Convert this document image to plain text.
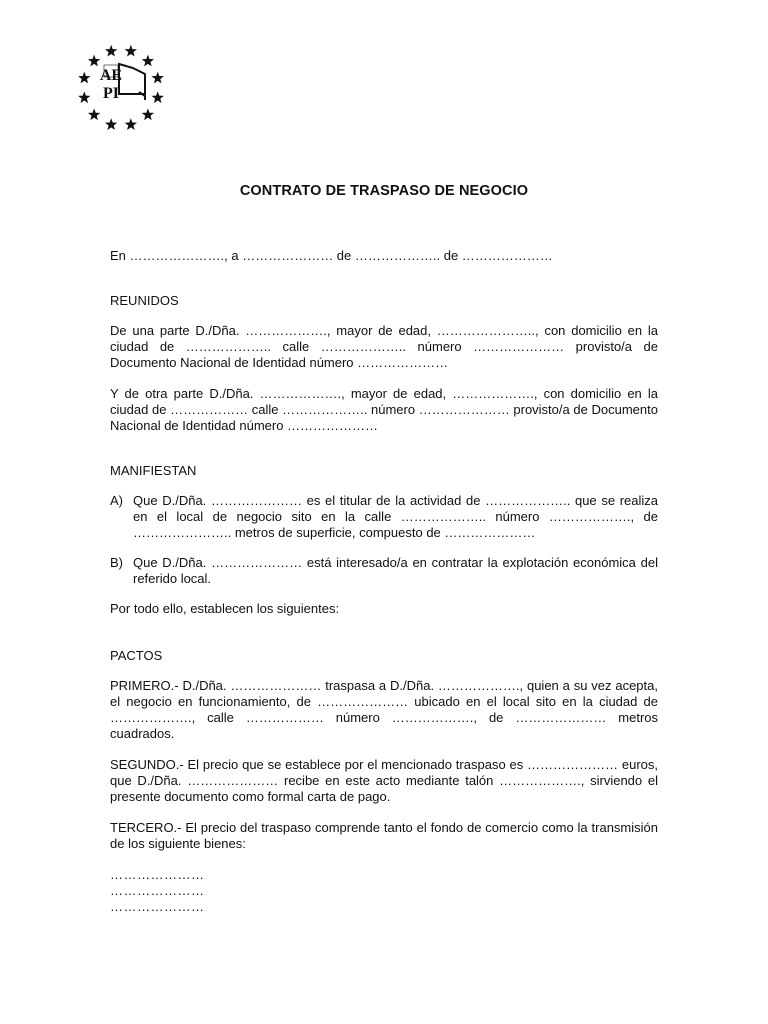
AE
PI
CONTRATO DE TRASPASO DE NEGOCIO

En …………………., a ………………… de ……………….. de …………………

REUNIDOS

De una parte D./Dña. ………………., mayor de edad, ………………….., con domicilio en la ciudad de ……………….. calle ……………….. número ………………… provisto/a de Documento Nacional de Identidad número …………………

Y de otra parte D./Dña. ………………., mayor de edad, ………………., con domicilio en la ciudad de ……………… calle ……………….. número ………………… provisto/a de Documento Nacional de Identidad número …………………

MANIFIESTAN

A) Que D./Dña. ………………… es el titular de la actividad de ……………….. que se realiza en el local de negocio sito en la calle ……………….. número ………………., de ………………….. metros de superficie, compuesto de …………………
B) Que D./Dña. ………………… está interesado/a en contratar la explotación económica del referido local.

Por todo ello, establecen los siguientes:

PACTOS

PRIMERO.- D./Dña. ………………… traspasa a D./Dña. ………………., quien a su vez acepta, el negocio en funcionamiento, de ………………… ubicado en el local sito en la ciudad de ………………., calle ……………… número ………………., de ………………… metros cuadrados.

SEGUNDO.- El precio que se establece por el mencionado traspaso es ………………… euros, que D./Dña. ………………… recibe en este acto mediante talón ………………., sirviendo el presente documento como formal carta de pago.

TERCERO.- El precio del traspaso comprende tanto el fondo de comercio como la transmisión de los siguiente bienes:

…………………

…………………

…………………
